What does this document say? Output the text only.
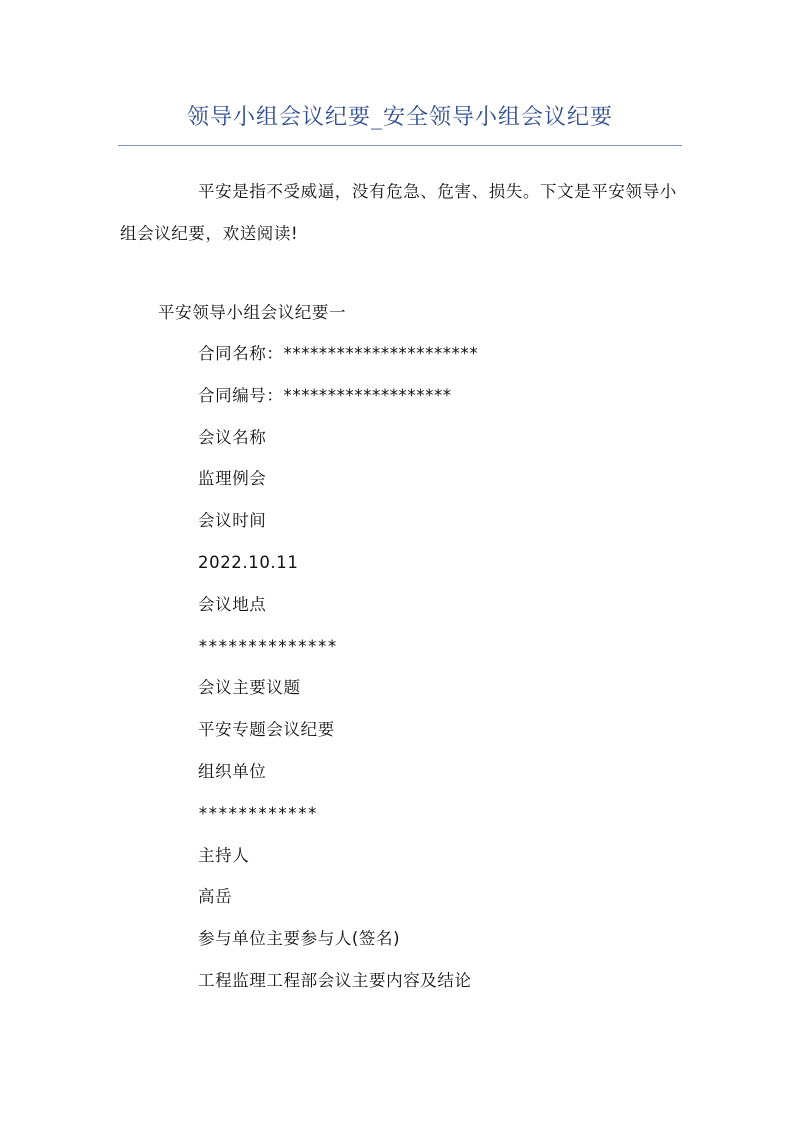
领导小组会议纪要_安全领导小组会议纪要

平安是指不受威逼，没有危急、危害、损失。下文是平安领导小组会议纪要，欢送阅读!

平安领导小组会议纪要一
合同名称：**********************
合同编号：*******************
会议名称
监理例会
会议时间
2022.10.11
会议地点
**************
会议主要议题
平安专题会议纪要
组织单位
************
主持人
高岳
参与单位主要参与人(签名)
工程监理工程部会议主要内容及结论
